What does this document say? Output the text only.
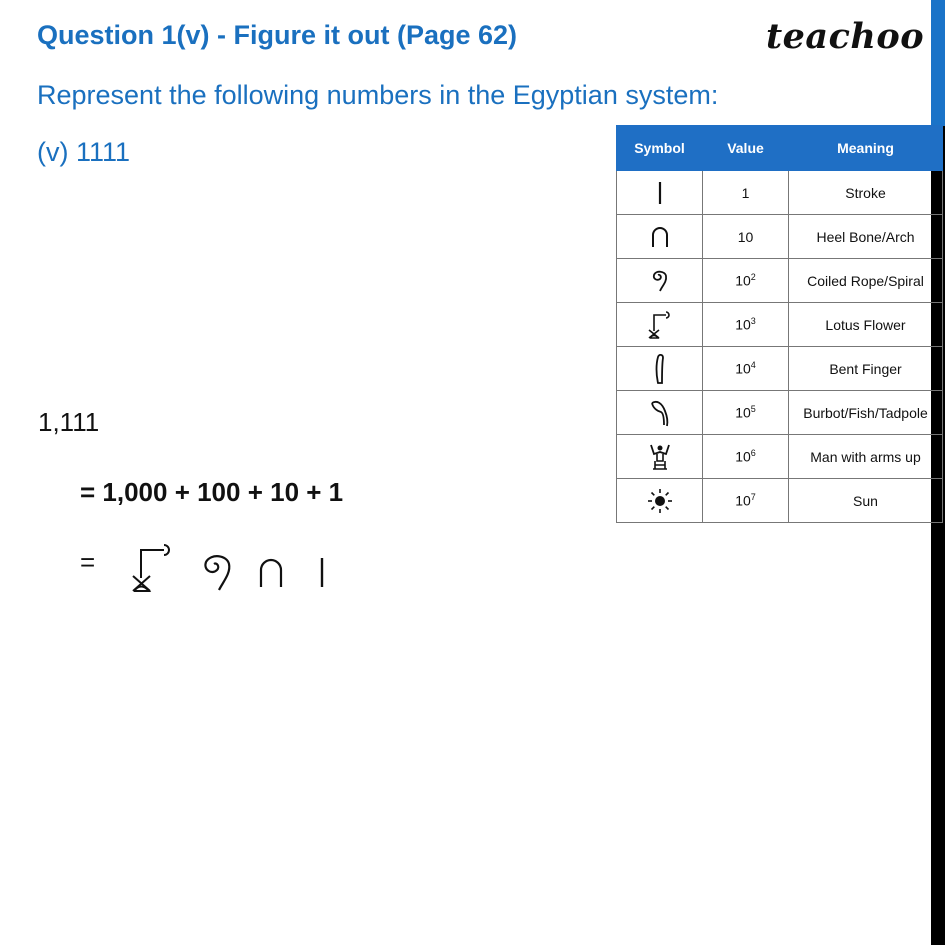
Question 1(v) - Figure it out (Page 62)	teachoo
Represent the following numbers in the Egyptian system:
(v) 1111	Symbol	Value	Meaning

	1	Stroke

	10	Heel Bone/Arch

	$10^2$	Coiled Rope/Spiral

	$10^3$	Lotus Flower

	$10^4$	Bent Finger

	$10^5$	Burbot/Fish/Tadpole

	$10^6$	Man with arms up

	$10^7$	Sun
1,111
= 1,000 + 100 + 10 + 1
=
